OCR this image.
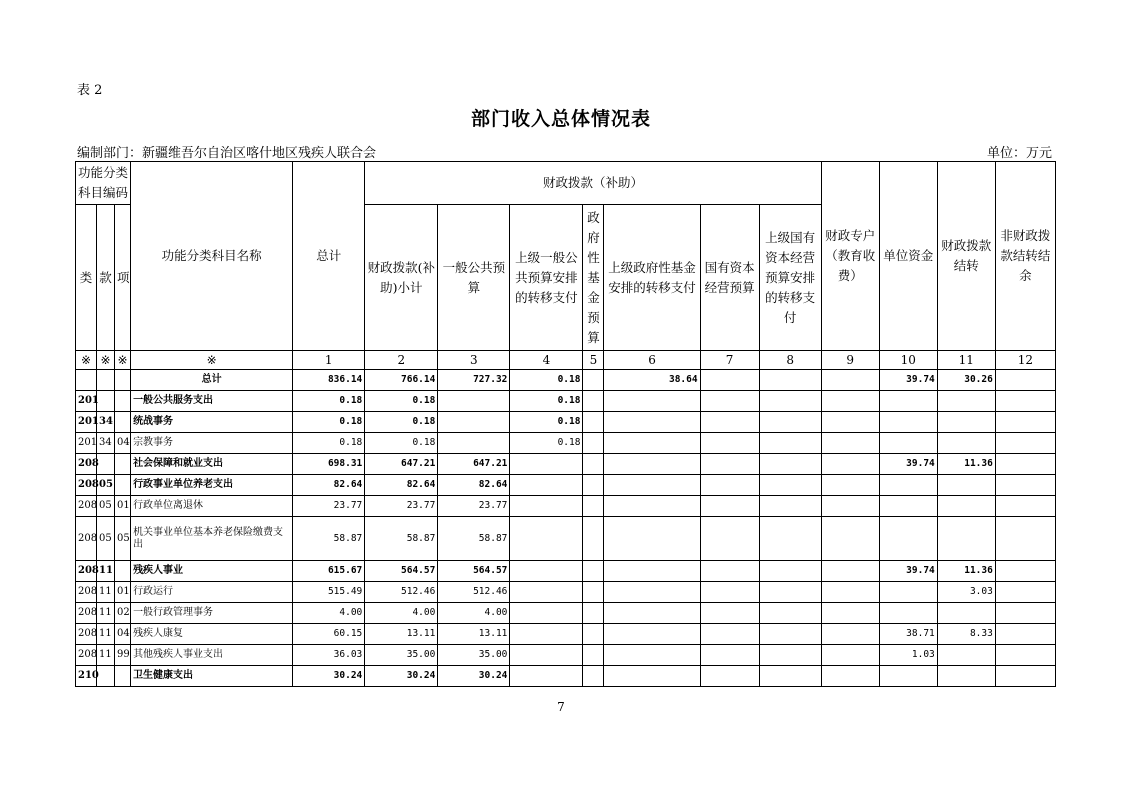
表 2
部门收入总体情况表
编制部门：新疆维吾尔自治区喀什地区残疾人联合会	单位：万元
功能分类科目编码			功能分类科目名称	总计	财政拨款（补助）							财政专户（教育收费）	单位资金	财政拨款结转	非财政拨款结转结余
类	款	项			财政拨款(补助)小计	一般公共预算	上级一般公共预算安排的转移支付	政府性基金预算	上级政府性基金安排的转移支付	国有资本经营预算	上级国有资本经营预算安排的转移支付				
※	※	※	※	1	2	3	4	5	6	7	8	9	10	11	12
			总计	836.14	766.14	727.32	0.18		38.64				39.74	30.26	
201			一般公共服务支出	0.18	0.18		0.18								
201	34		统战事务	0.18	0.18		0.18								
201	34	04	宗教事务	0.18	0.18		0.18								
208			社会保障和就业支出	698.31	647.21	647.21							39.74	11.36	
208	05		行政事业单位养老支出	82.64	82.64	82.64									
208	05	01	行政单位离退休	23.77	23.77	23.77									
208	05	05	机关事业单位基本养老保险缴费支出	58.87	58.87	58.87									
208	11		残疾人事业	615.67	564.57	564.57							39.74	11.36	
208	11	01	行政运行	515.49	512.46	512.46								3.03	
208	11	02	一般行政管理事务	4.00	4.00	4.00									
208	11	04	残疾人康复	60.15	13.11	13.11							38.71	8.33	
208	11	99	其他残疾人事业支出	36.03	35.00	35.00							1.03		
210			卫生健康支出	30.24	30.24	30.24									
7
